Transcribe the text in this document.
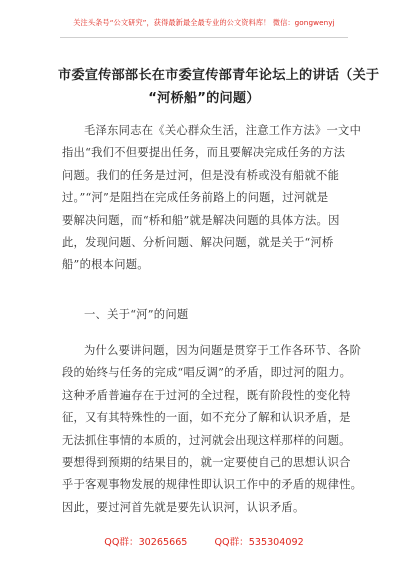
关注头条号“公文研究”，获得最新最全最专业的公文资料库！ 微信：gongwenyj
市委宣传部部长在市委宣传部青年论坛上的讲话（关于
“河桥船”的问题）
毛泽东同志在《关心群众生活，注意工作方法》一文中
指出“我们不但要提出任务，而且要解决完成任务的方法
问题。我们的任务是过河，但是没有桥或没有船就不能
过。”“河”是阻挡在完成任务前路上的问题，过河就是
要解决问题，而“桥和船”就是解决问题的具体方法。因
此，发现问题、分析问题、解决问题，就是关于“河桥
船”的根本问题。
一、关于“河”的问题
为什么要讲问题，因为问题是贯穿于工作各环节、各阶
段的始终与任务的完成“唱反调”的矛盾，即过河的阻力。
这种矛盾普遍存在于过河的全过程，既有阶段性的变化特
征，又有其特殊性的一面，如不充分了解和认识矛盾，是
无法抓住事情的本质的，过河就会出现这样那样的问题。
要想得到预期的结果目的，就一定要使自己的思想认识合
乎于客观事物发展的规律性即认识工作中的矛盾的规律性。
因此，要过河首先就是要先认识河，认识矛盾。
QQ群：30265665	QQ群：535304092
